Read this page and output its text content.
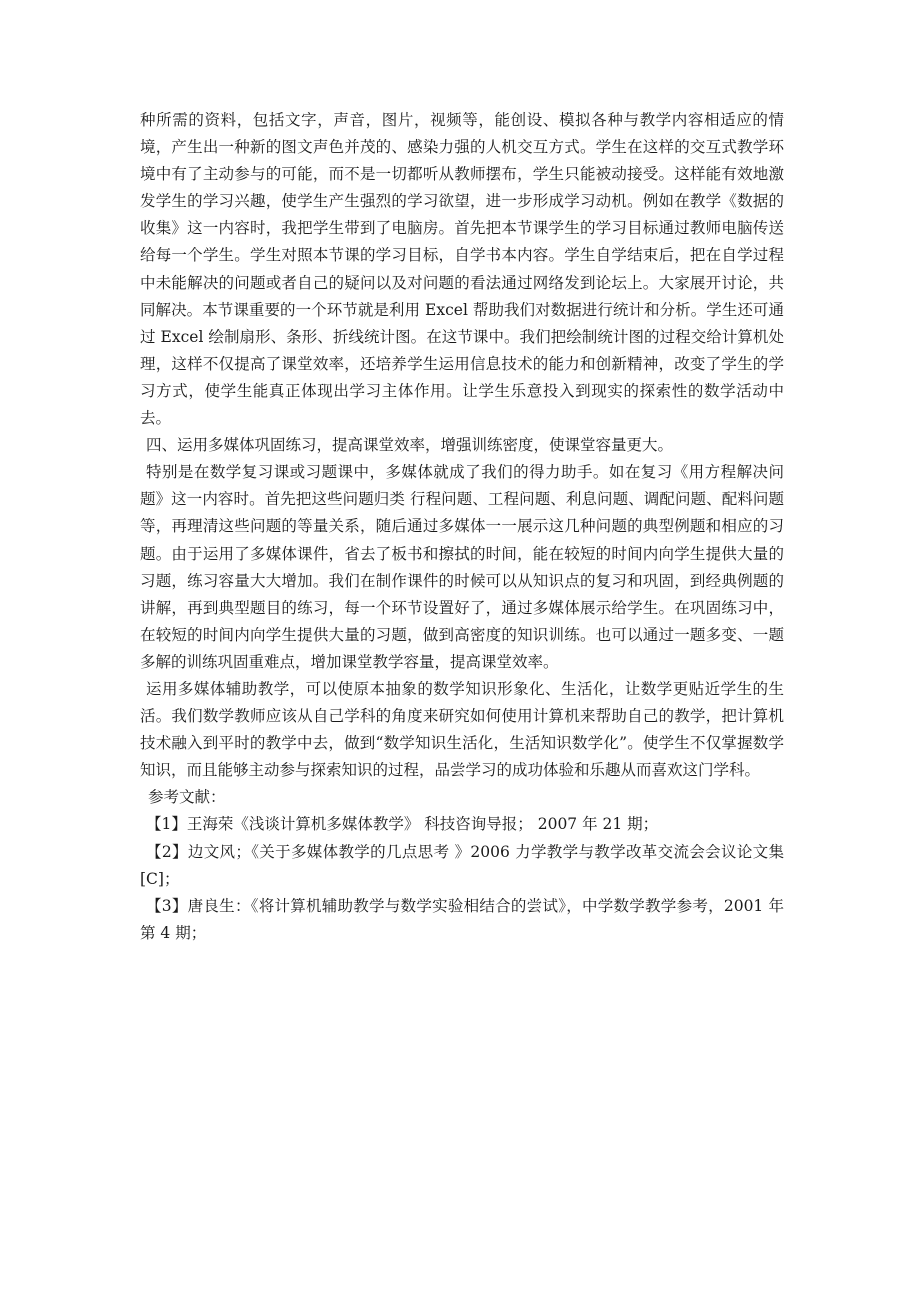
种所需的资料，包括文字，声音，图片，视频等，能创设、模拟各种与教学内容相适应的情境，产生出一种新的图文声色并茂的、感染力强的人机交互方式。学生在这样的交互式教学环境中有了主动参与的可能，而不是一切都听从教师摆布，学生只能被动接受。这样能有效地激发学生的学习兴趣，使学生产生强烈的学习欲望，进一步形成学习动机。例如在教学《数据的收集》这一内容时，我把学生带到了电脑房。首先把本节课学生的学习目标通过教师电脑传送给每一个学生。学生对照本节课的学习目标，自学书本内容。学生自学结束后，把在自学过程中未能解决的问题或者自己的疑问以及对问题的看法通过网络发到论坛上。大家展开讨论，共同解决。本节课重要的一个环节就是利用 Excel 帮助我们对数据进行统计和分析。学生还可通过 Excel 绘制扇形、条形、折线统计图。在这节课中。我们把绘制统计图的过程交给计算机处理，这样不仅提高了课堂效率，还培养学生运用信息技术的能力和创新精神，改变了学生的学习方式，使学生能真正体现出学习主体作用。让学生乐意投入到现实的探索性的数学活动中去。

四、运用多媒体巩固练习，提高课堂效率，增强训练密度，使课堂容量更大。

特别是在数学复习课或习题课中，多媒体就成了我们的得力助手。如在复习《用方程解决问题》这一内容时。首先把这些问题归类 行程问题、工程问题、利息问题、调配问题、配料问题等，再理清这些问题的等量关系，随后通过多媒体一一展示这几种问题的典型例题和相应的习题。由于运用了多媒体课件，省去了板书和擦拭的时间，能在较短的时间内向学生提供大量的习题，练习容量大大增加。我们在制作课件的时候可以从知识点的复习和巩固，到经典例题的讲解，再到典型题目的练习，每一个环节设置好了，通过多媒体展示给学生。在巩固练习中，在较短的时间内向学生提供大量的习题，做到高密度的知识训练。也可以通过一题多变、一题多解的训练巩固重难点，增加课堂教学容量，提高课堂效率。

运用多媒体辅助教学，可以使原本抽象的数学知识形象化、生活化，让数学更贴近学生的生活。我们数学教师应该从自己学科的角度来研究如何使用计算机来帮助自己的教学，把计算机技术融入到平时的教学中去，做到“数学知识生活化，生活知识数学化”。使学生不仅掌握数学知识，而且能够主动参与探索知识的过程，品尝学习的成功体验和乐趣从而喜欢这门学科。

参考文献：

【1】王海荣《浅谈计算机多媒体教学》 科技咨询导报； 2007 年 21 期；

【2】边文风；《关于多媒体教学的几点思考 》2006 力学教学与教学改革交流会会议论文集[C]；

【3】唐良生：《将计算机辅助教学与数学实验相结合的尝试》，中学数学教学参考，2001 年第 4 期；
